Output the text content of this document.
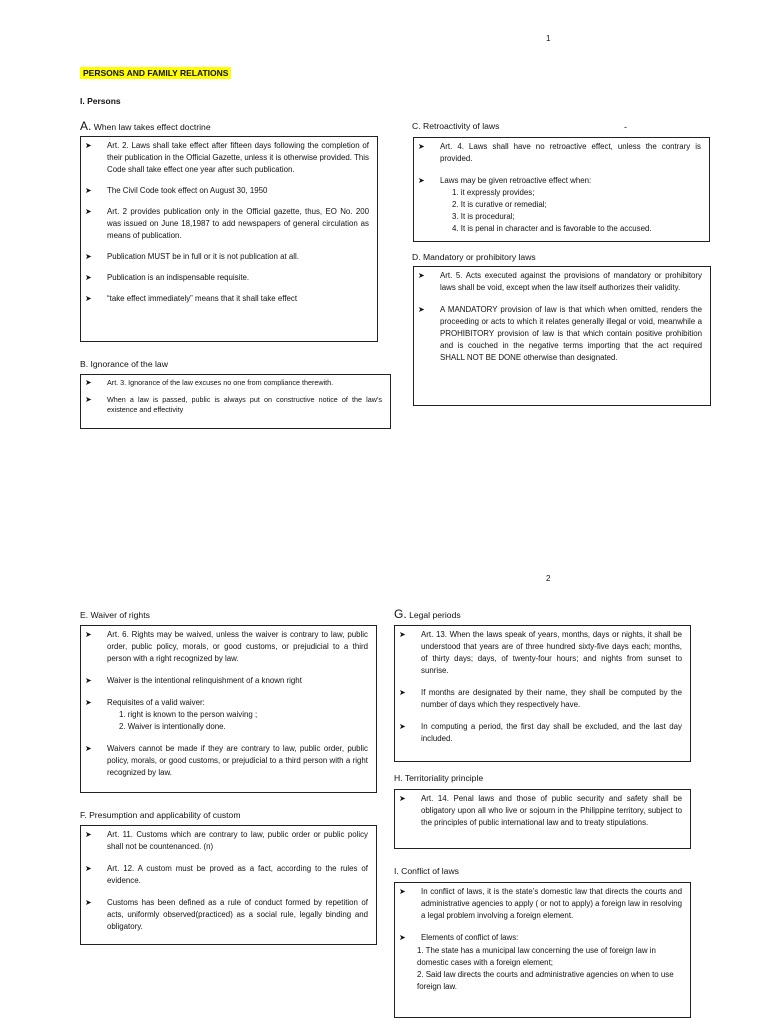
1
2
PERSONS AND FAMILY RELATIONS
I. Persons
A. When law takes effect doctrine
➤ Art. 2. Laws shall take effect after fifteen days following the completion of their publication in the Official Gazette, unless it is otherwise provided. This Code shall take effect one year after such publication.
➤ The Civil Code took effect on August 30, 1950
➤ Art. 2 provides publication only in the Official gazette, thus, EO No. 200 was issued on June 18,1987 to add newspapers of general circulation as means of publication.
➤ Publication MUST be in full or it is not publication at all.
➤ Publication is an indispensable requisite.
➤ “take effect immediately” means that it shall take effect
B. Ignorance of the law
➤ Art. 3. Ignorance of the law excuses no one from compliance therewith.
➤ When a law is passed, public is always put on constructive notice of the law’s existence and effectivity
C. Retroactivity of laws	-
➤ Art. 4. Laws shall have no retroactive effect, unless the contrary is provided.
➤ Laws may be given retroactive effect when:
1. it expressly provides;
2. It is curative or remedial;
3. It is procedural;
4. It is penal in character and is favorable to the accused.
D. Mandatory or prohibitory laws
➤ Art. 5. Acts executed against the provisions of mandatory or prohibitory laws shall be void, except when the law itself authorizes their validity.
➤ A MANDATORY provision of law is that which when omitted, renders the proceeding or acts to which it relates generally illegal or void, meanwhile a PROHIBITORY provision of law is that which contain positive prohibition and is couched in the negative terms importing that the act required SHALL NOT BE DONE otherwise than designated.
E. Waiver of rights
➤ Art. 6. Rights may be waived, unless the waiver is contrary to law, public order, public policy, morals, or good customs, or prejudicial to a third person with a right recognized by law.
➤ Waiver is the intentional relinquishment of a known right
➤ Requisites of a valid waiver:
1. right is known to the person waiving ;
2. Waiver is intentionally done.
➤ Waivers cannot be made if they are contrary to law, public order, public policy, morals, or good customs, or prejudicial to a third person with a right recognized by law.
F. Presumption and applicability of custom
➤ Art. 11. Customs which are contrary to law, public order or public policy shall not be countenanced. (n)
➤ Art. 12. A custom must be proved as a fact, according to the rules of evidence.
➤ Customs has been defined as a rule of conduct formed by repetition of acts, uniformly observed(practiced) as a social rule, legally binding and obligatory.
G. Legal periods
➤ Art. 13. When the laws speak of years, months, days or nights, it shall be understood that years are of three hundred sixty-five days each; months, of thirty days; days, of twenty-four hours; and nights from sunset to sunrise.
➤ If months are designated by their name, they shall be computed by the number of days which they respectively have.
➤ In computing a period, the first day shall be excluded, and the last day included.
H. Territoriality principle
➤ Art. 14. Penal laws and those of public security and safety shall be obligatory upon all who live or sojourn in the Philippine territory, subject to the principles of public international law and to treaty stipulations.
I. Conflict of laws
➤ In conflict of laws, it is the state’s domestic law that directs the courts and administrative agencies to apply ( or not to apply) a foreign law in resolving a legal problem involving a foreign element.
➤ Elements of conflict of laws:
1. The state has a municipal law concerning the use of foreign law in domestic cases with a foreign element;
2. Said law directs the courts and administrative agencies on when to use foreign law.
